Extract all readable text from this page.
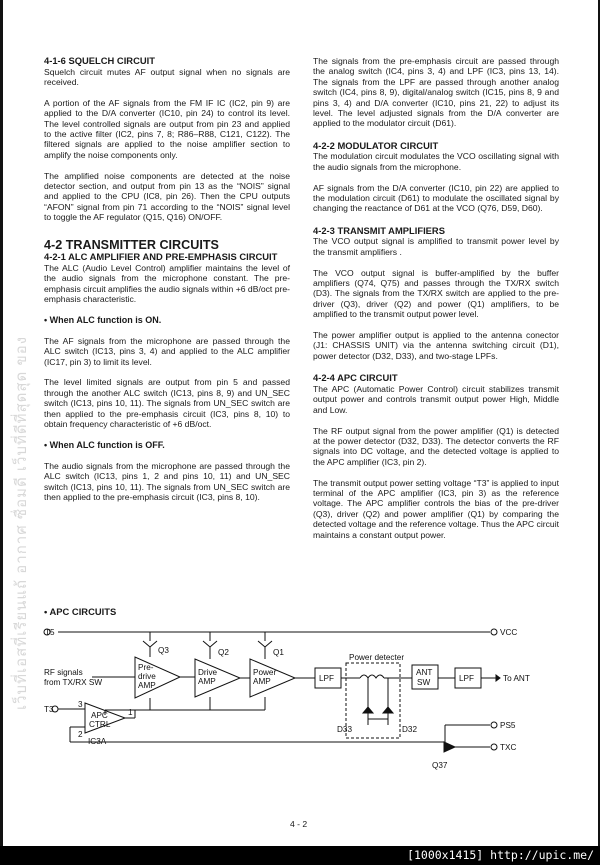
เว็บที่เอสที่เรียนแถ้ อากาศ ซื่อมดี เว็บที่ดีที่สุดสุด ของ
4-1-6 SQUELCH CIRCUIT

Squelch circuit mutes AF output signal when no signals are received.

A portion of the AF signals from the FM IF IC (IC2, pin 9) are applied to the D/A converter (IC10, pin 24) to control its level. The level controlled signals are output from pin 23 and applied to the active filter (IC2, pins 7, 8; R86–R88, C121, C122). The filtered signals are applied to the noise amplifier section to amplify the noise components only.

The amplified noise components are detected at the noise detector section, and output from pin 13 as the “NOIS” signal and applied to the CPU (IC8, pin 26). Then the CPU outputs “AFON” signal from pin 71 according to the “NOIS” signal level to toggle the AF regulator (Q15, Q16) ON/OFF.

4-2 TRANSMITTER CIRCUITS
4-2-1 ALC AMPLIFIER AND PRE-EMPHASIS CIRCUIT

The ALC (Audio Level Control) amplifier maintains the level of the audio signals from the microphone constant. The pre-emphasis circuit amplifies the audio signals within +6 dB/oct pre-emphasis characteristic.

• When ALC function is ON.

The AF signals from the microphone are passed through the ALC switch (IC13, pins 3, 4) and applied to the ALC amplifier (IC17, pin 3) to limit its level.

The level limited signals are output from pin 5 and passed through the another ALC switch (IC13, pins 8, 9) and UN_SEC switch (IC13, pins 10, 11). The signals from UN_SEC switch are then applied to the pre-emphasis circuit (IC3, pins 8, 10) to obtain frequency characteristic of +6 dB/oct.

• When ALC function is OFF.

The audio signals from the microphone are passed through the ALC switch (IC13, pins 1, 2 and pins 10, 11) and UN_SEC switch (IC13, pins 10, 11). The signals from UN_SEC switch are then applied to the pre-emphasis circuit (IC3, pins 8, 10).

The signals from the pre-emphasis circuit are passed through the analog switch (IC4, pins 3, 4) and LPF (IC3, pins 13, 14). The signals from the LPF are passed through another analog switch (IC4, pins 8, 9), digital/analog switch (IC15, pins 8, 9 and pins 3, 4) and D/A converter (IC10, pins 21, 22) to adjust its level. The level adjusted signals from the D/A converter are applied to the modulator circuit (D61).

4-2-2 MODULATOR CIRCUIT

The modulation circuit modulates the VCO oscillating signal with the audio signals from the microphone.

AF signals from the D/A converter (IC10, pin 22) are applied to the modulation circuit (D61) to modulate the oscillated signal by changing the reactance of D61 at the VCO (Q76, D59, D60).

4-2-3 TRANSMIT AMPLIFIERS

The VCO output signal is amplified to transmit power level by the transmit amplifiers .

The VCO output signal is buffer-amplified by the buffer amplifiers (Q74, Q75) and passes through the TX/RX switch (D3). The signals from the TX/RX switch are applied to the pre-driver (Q3), driver (Q2) and power (Q1) amplifiers, to be amplified to the transmit output power level.

The power amplifier output is applied to the antenna conector (J1: CHASSIS UNIT) via the antenna switching circuit (D1), power detector (D32, D33), and two-stage LPFs.

4-2-4 APC CIRCUIT

The APC (Automatic Power Control) circuit stabilizes transmit output power and controls transmit output power High, Middle and Low.

The RF output signal from the power amplifier (Q1) is detected at the power detector (D32, D33). The detector converts the RF signals into DC voltage, and the detected voltage is applied to the APC amplifier (IC3, pin 2).

The transmit output power setting voltage “T3” is applied to input terminal of the APC amplifier (IC3, pin 3) as the reference voltage. The APC amplifier controls the bias of the pre-driver (Q3), driver (Q2) and power amplifier (Q1) by comparing the detected voltage and the reference voltage. Thus the APC circuit maintains a constant output power.

• APC CIRCUITS
T5	VCC
RF signals
from TX/RX SW
Q3
Pre-
drive
AMP
Q2
Drive
AMP
Q1
Power
AMP	LPF
Power detecter
ANT
SW	LPF	To ANT
T3
3
2
1
APC
CTRL
IC3A
D33	D32	PS5
TXC
Q37
4 - 2
[1000x1415] http://upic.me/
